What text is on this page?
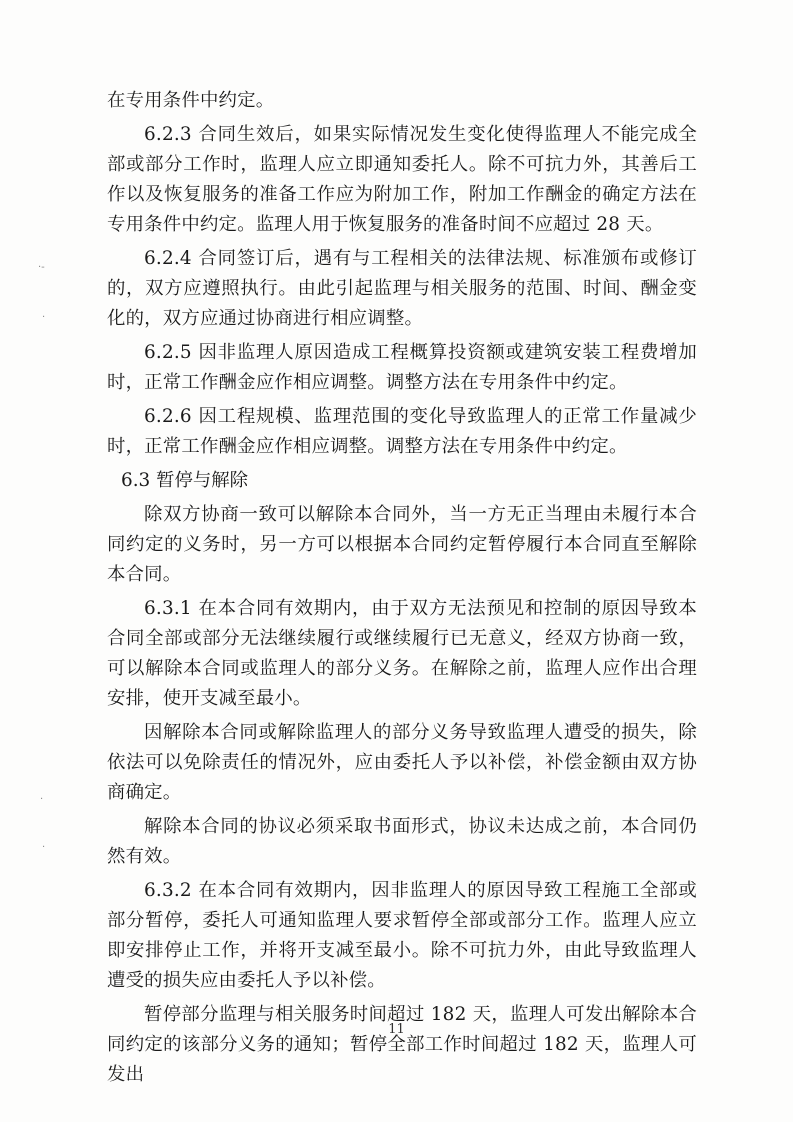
在专用条件中约定。

6.2.3 合同生效后，如果实际情况发生变化使得监理人不能完成全部或部分工作时，监理人应立即通知委托人。除不可抗力外，其善后工作以及恢复服务的准备工作应为附加工作，附加工作酬金的确定方法在专用条件中约定。监理人用于恢复服务的准备时间不应超过 28 天。

6.2.4 合同签订后，遇有与工程相关的法律法规、标准颁布或修订的，双方应遵照执行。由此引起监理与相关服务的范围、时间、酬金变化的，双方应通过协商进行相应调整。

6.2.5 因非监理人原因造成工程概算投资额或建筑安装工程费增加时，正常工作酬金应作相应调整。调整方法在专用条件中约定。

6.2.6 因工程规模、监理范围的变化导致监理人的正常工作量减少时，正常工作酬金应作相应调整。调整方法在专用条件中约定。

6.3 暂停与解除

除双方协商一致可以解除本合同外，当一方无正当理由未履行本合同约定的义务时，另一方可以根据本合同约定暂停履行本合同直至解除本合同。

6.3.1 在本合同有效期内，由于双方无法预见和控制的原因导致本合同全部或部分无法继续履行或继续履行已无意义，经双方协商一致，可以解除本合同或监理人的部分义务。在解除之前，监理人应作出合理安排，使开支减至最小。

因解除本合同或解除监理人的部分义务导致监理人遭受的损失，除依法可以免除责任的情况外，应由委托人予以补偿，补偿金额由双方协商确定。

解除本合同的协议必须采取书面形式，协议未达成之前，本合同仍然有效。

6.3.2 在本合同有效期内，因非监理人的原因导致工程施工全部或部分暂停，委托人可通知监理人要求暂停全部或部分工作。监理人应立即安排停止工作，并将开支减至最小。除不可抗力外，由此导致监理人遭受的损失应由委托人予以补偿。

暂停部分监理与相关服务时间超过 182 天，监理人可发出解除本合同约定的该部分义务的通知；暂停全部工作时间超过 182 天，监理人可发出

11
·-
·
·
·
